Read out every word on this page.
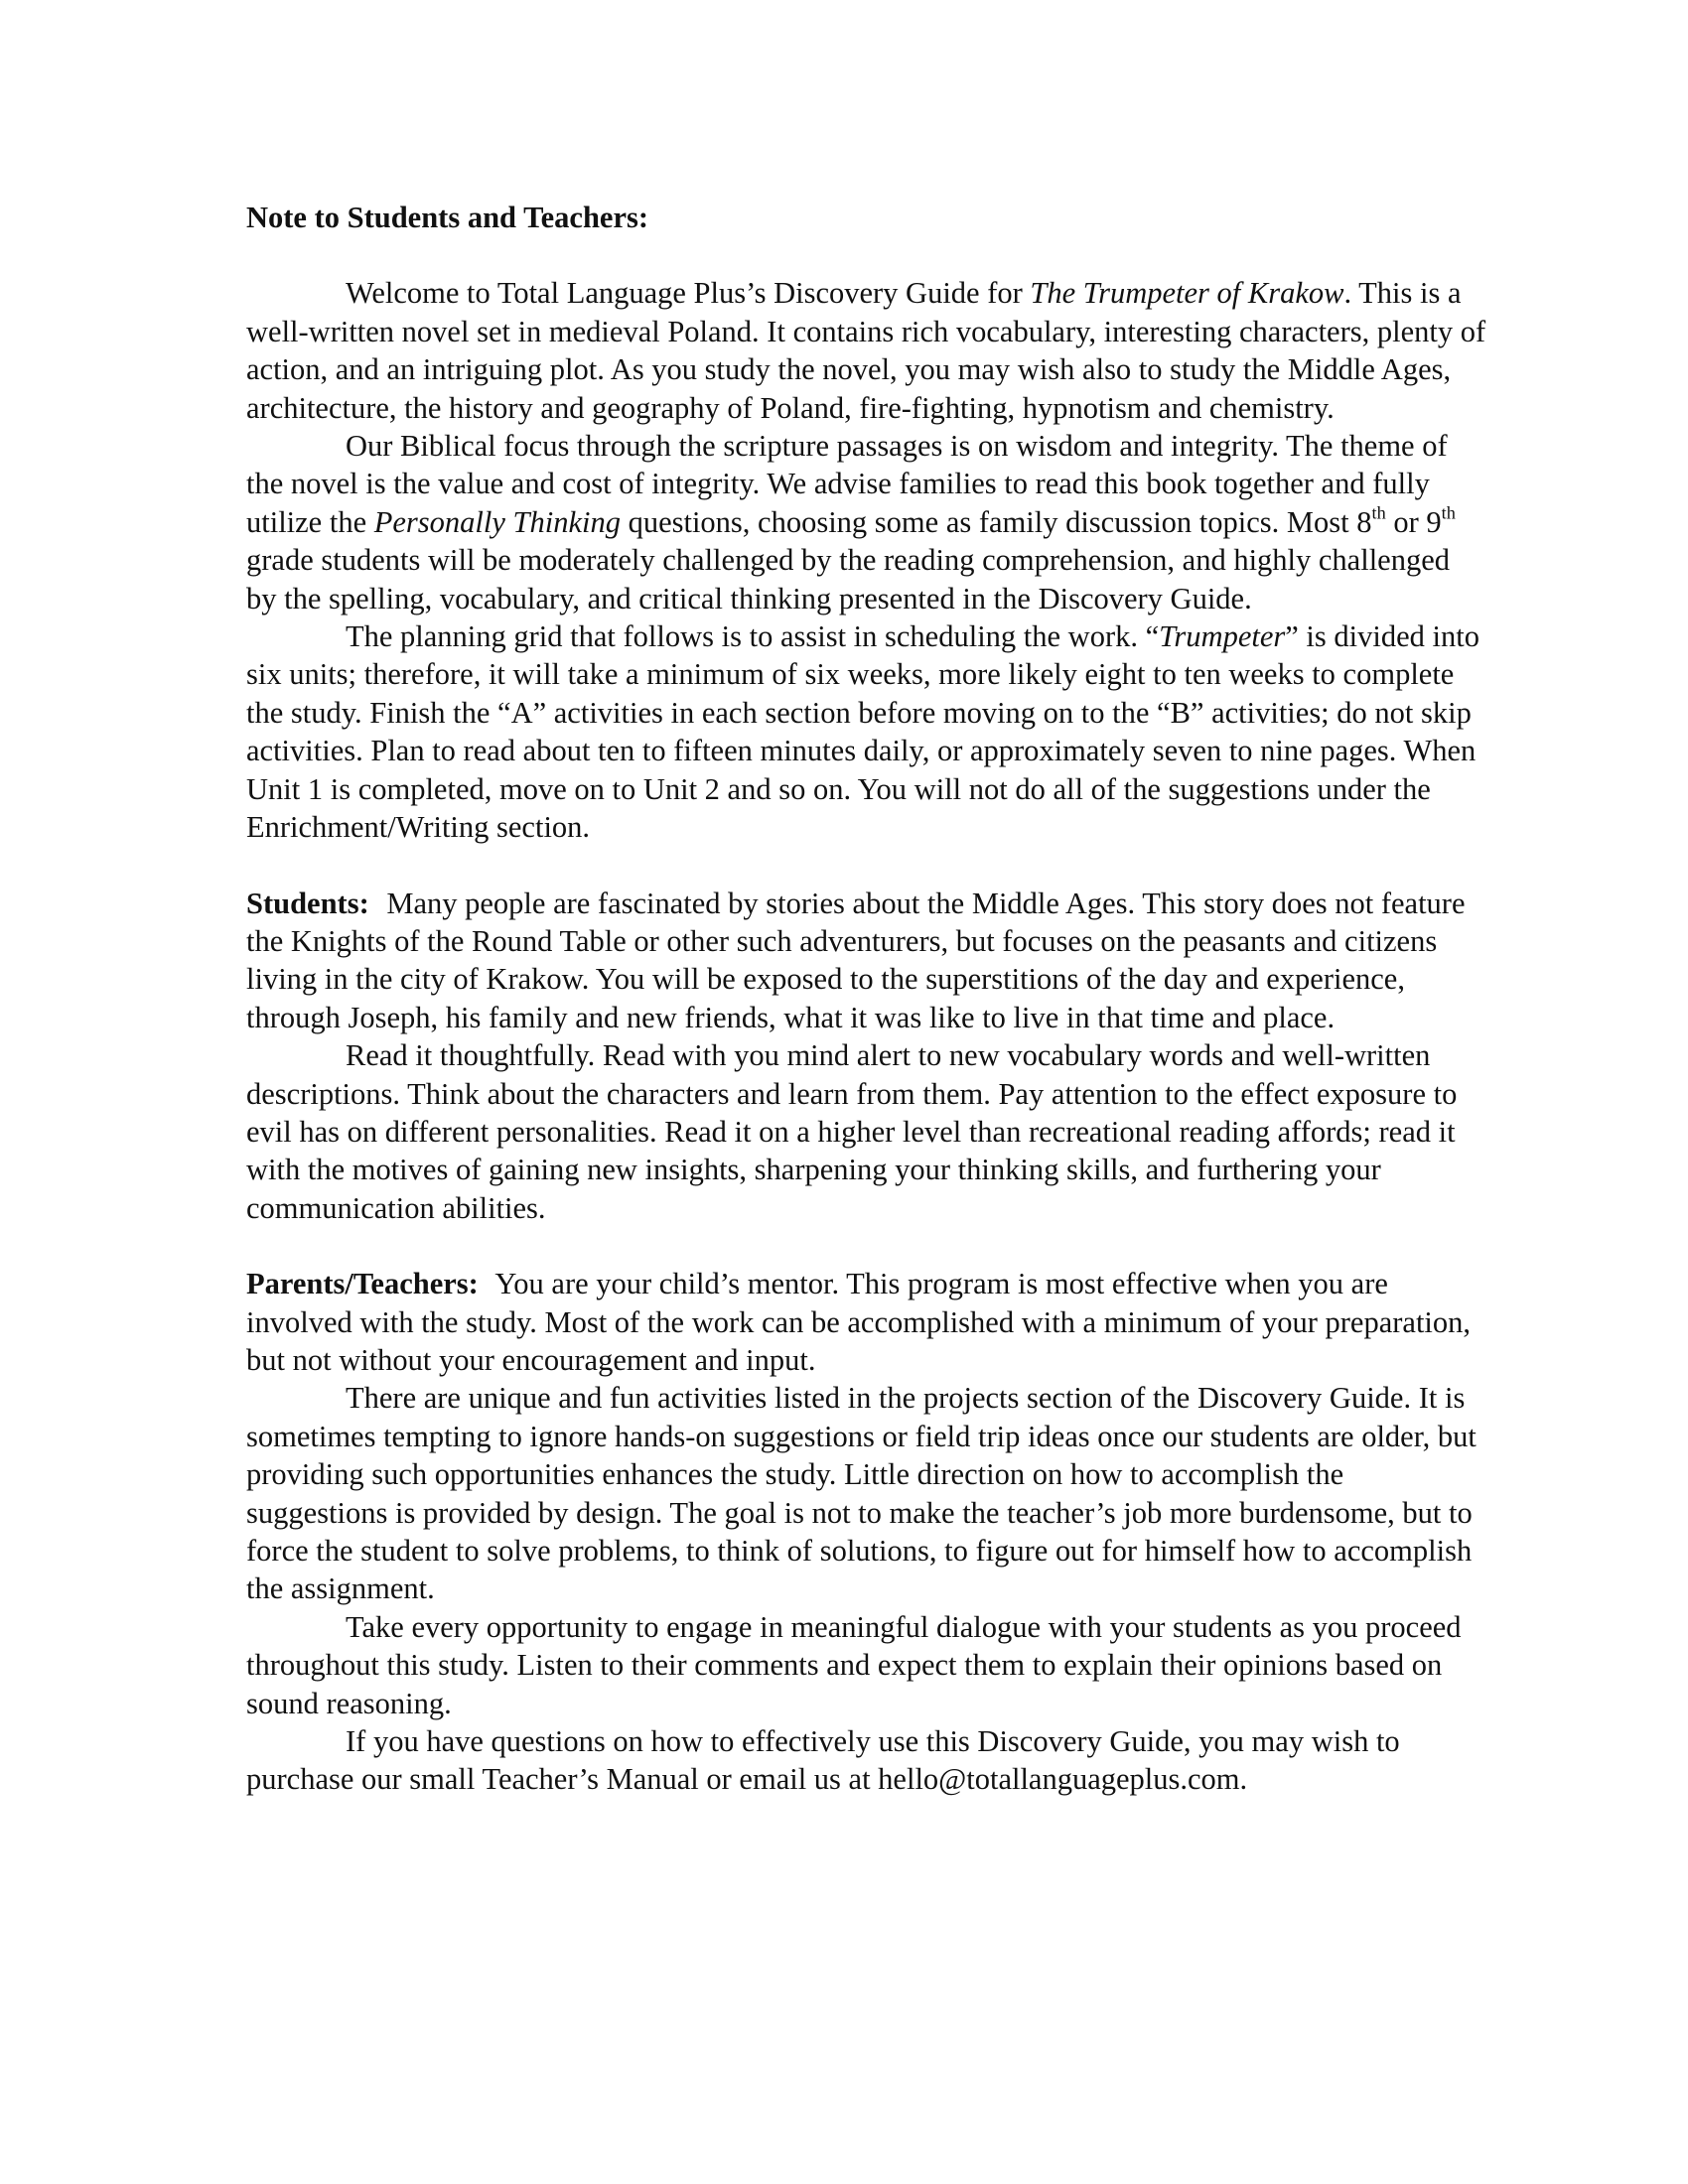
Note to Students and Teachers:

Welcome to Total Language Plus’s Discovery Guide for The Trumpeter of Krakow. This is a well-written novel set in medieval Poland. It contains rich vocabulary, interesting characters, plenty of action, and an intriguing plot. As you study the novel, you may wish also to study the Middle Ages, architecture, the history and geography of Poland, fire-fighting, hypnotism and chemistry.

Our Biblical focus through the scripture passages is on wisdom and integrity. The theme of the novel is the value and cost of integrity. We advise families to read this book together and fully utilize the Personally Thinking questions, choosing some as family discussion topics. Most 8th or 9th grade students will be moderately challenged by the reading comprehension, and highly challenged by the spelling, vocabulary, and critical thinking presented in the Discovery Guide.

The planning grid that follows is to assist in scheduling the work. “Trumpeter” is divided into six units; therefore, it will take a minimum of six weeks, more likely eight to ten weeks to complete the study. Finish the “A” activities in each section before moving on to the “B” activities; do not skip activities. Plan to read about ten to fifteen minutes daily, or approximately seven to nine pages. When Unit 1 is completed, move on to Unit 2 and so on. You will not do all of the suggestions under the Enrichment/Writing section.

Students: Many people are fascinated by stories about the Middle Ages. This story does not feature the Knights of the Round Table or other such adventurers, but focuses on the peasants and citizens living in the city of Krakow. You will be exposed to the superstitions of the day and experience, through Joseph, his family and new friends, what it was like to live in that time and place.

Read it thoughtfully. Read with you mind alert to new vocabulary words and well-written descriptions. Think about the characters and learn from them. Pay attention to the effect exposure to evil has on different personalities. Read it on a higher level than recreational reading affords; read it with the motives of gaining new insights, sharpening your thinking skills, and furthering your communication abilities.

Parents/Teachers: You are your child’s mentor. This program is most effective when you are involved with the study. Most of the work can be accomplished with a minimum of your preparation, but not without your encouragement and input.

There are unique and fun activities listed in the projects section of the Discovery Guide. It is sometimes tempting to ignore hands-on suggestions or field trip ideas once our students are older, but providing such opportunities enhances the study. Little direction on how to accomplish the suggestions is provided by design. The goal is not to make the teacher’s job more burdensome, but to force the student to solve problems, to think of solutions, to figure out for himself how to accomplish the assignment.

Take every opportunity to engage in meaningful dialogue with your students as you proceed throughout this study. Listen to their comments and expect them to explain their opinions based on sound reasoning.

If you have questions on how to effectively use this Discovery Guide, you may wish to purchase our small Teacher’s Manual or email us at hello@totallanguageplus.com.
